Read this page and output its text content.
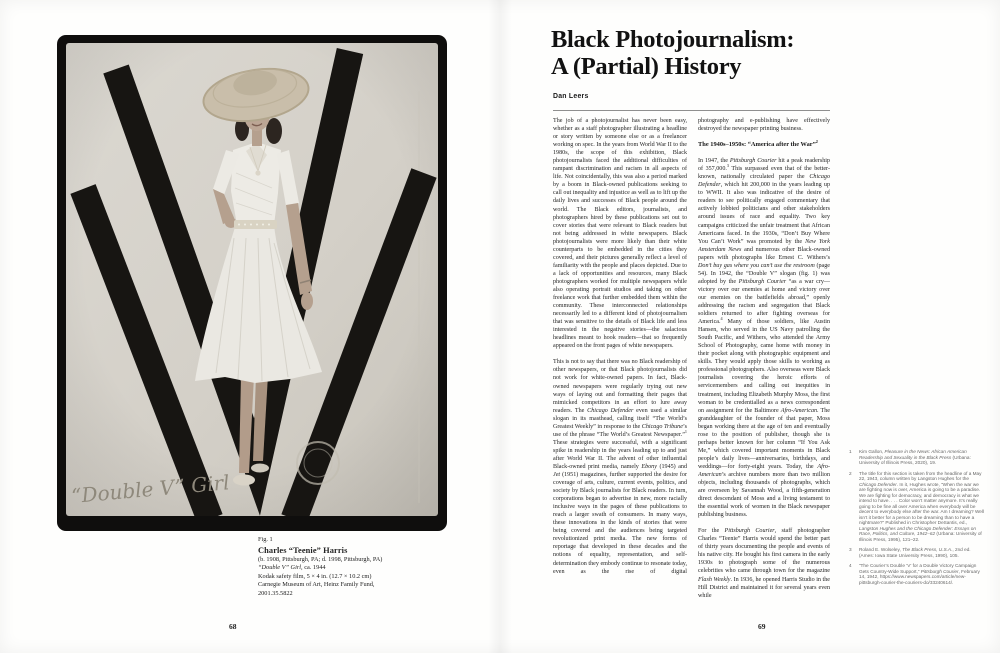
“Double V” Girl
Fig. 1
Charles “Teenie” Harris
(b. 1908, Pittsburgh, PA; d. 1998, Pittsburgh, PA)
“Double V” Girl, ca. 1944
Kodak safety film, 5 × 4 in. (12.7 × 10.2 cm)
Carnegie Museum of Art, Heinz Family Fund,
2001.35.5822
68
Black Photojournalism:
A (Partial) History
Dan Leers

The job of a photojournalist has never been easy, whether as a staff photographer illustrating a headline or story written by someone else or as a freelancer working on spec. In the years from World War II to the 1980s, the scope of this exhibition, Black photojournalists faced the additional difficulties of rampant discrimination and racism in all aspects of life. Not coincidentally, this was also a period marked by a boom in Black-owned publications seeking to call out inequality and injustice as well as to lift up the daily lives and successes of Black people around the world. The Black editors, journalists, and photographers hired by these publications set out to cover stories that were relevant to Black readers but not being addressed in white newspapers. Black photojournalists were more likely than their white counterparts to be embedded in the cities they covered, and their pictures generally reflect a level of familiarity with the people and places depicted. Due to a lack of opportunities and resources, many Black photographers worked for multiple newspapers while also operating portrait studios and taking on other freelance work that further embedded them within the community. These interconnected relationships necessarily led to a different kind of photojournalism that was sensitive to the details of Black life and less interested in the negative stories—the salacious headlines meant to hook readers—that so frequently appeared on the front pages of white newspapers.

This is not to say that there was no Black readership of other newspapers, or that Black photojournalists did not work for white-owned papers. In fact, Black-owned newspapers were regularly trying out new ways of laying out and formatting their pages that mimicked competitors in an effort to lure away readers. The Chicago Defender even used a similar slogan in its masthead, calling itself “The World’s Greatest Weekly” in response to the Chicago Tribune’s use of the phrase “The World’s Greatest Newspaper.”$^1$ These strategies were successful, with a significant spike in readership in the years leading up to and just after World War II. The advent of other influential Black-owned print media, namely Ebony (1945) and Jet (1951) magazines, further supported the desire for coverage of arts, culture, current events, politics, and society by Black journalists for Black readers. In turn, corporations began to advertise in new, more racially inclusive ways in the pages of these publications to reach a larger swath of consumers. In many ways, these innovations in the kinds of stories that were being covered and the audiences being targeted revolutionized print media. The new forms of reportage that developed in these decades and the notions of equality, representation, and self-determination they embody continue to resonate today, even as the rise of digital

photography and e-publishing have effectively destroyed the newspaper printing business.

The 1940s–1950s: “America after the War”$^2$

In 1947, the Pittsburgh Courier hit a peak readership of 357,000.$^3$ This surpassed even that of the better-known, nationally circulated paper the Chicago Defender, which hit 200,000 in the years leading up to WWII. It also was indicative of the desire of readers to see politically engaged commentary that actively lobbied politicians and other stakeholders around issues of race and equality. Two key campaigns criticized the unfair treatment that African Americans faced. In the 1930s, “Don’t Buy Where You Can’t Work” was promoted by the New York Amsterdam News and numerous other Black-owned papers with photographs like Ernest C. Withers’s Don’t buy gas where you can’t use the restroom (page 54). In 1942, the “Double V” slogan (fig. 1) was adopted by the Pittsburgh Courier “as a war cry—victory over our enemies at home and victory over our enemies on the battlefields abroad,” openly addressing the racism and segregation that Black soldiers returned to after fighting overseas for America.$^4$ Many of those soldiers, like Austin Hansen, who served in the US Navy patrolling the South Pacific, and Withers, who attended the Army School of Photography, came home with money in their pocket along with photographic equipment and skills. They would apply those skills to working as professional photographers. Also overseas were Black journalists covering the heroic efforts of servicemembers and calling out inequities in treatment, including Elizabeth Murphy Moss, the first woman to be credentialled as a news correspondent on assignment for the Baltimore Afro-American. The granddaughter of the founder of that paper, Moss began working there at the age of ten and eventually rose to the position of publisher, though she is perhaps better known for her column “If You Ask Me,” which covered important moments in Black people’s daily lives—anniversaries, birthdays, and weddings—for forty-eight years. Today, the Afro-American’s archive numbers more than two million objects, including thousands of photographs, which are overseen by Savannah Wood, a fifth-generation direct descendant of Moss and a living testament to the essential work of women in the Black newspaper publishing business.

For the Pittsburgh Courier, staff photographer Charles “Teenie” Harris would spend the better part of thirty years documenting the people and events of his native city. He bought his first camera in the early 1930s to photograph some of the numerous celebrities who came through town for the magazine Flash Weekly. In 1936, he opened Harris Studio in the Hill District and maintained it for several years even while

1 Kim Gallon, Pleasure in the News: African American Readership and Sexuality in the Black Press (Urbana: University of Illinois Press, 2020), 19.
2 The title for this section is taken from the headline of a May 22, 1943, column written by Langston Hughes for the Chicago Defender. In it, Hughes wrote, “When the war we are fighting now is over, America is going to be a paradise. We are fighting for democracy, and democracy is what we intend to have. . . . Color won’t matter anymore. It’s really going to be fine all over America when everybody will be decent to everybody else after the war. Am I dreaming? Well isn’t it better for a person to be dreaming than to have a nightmare?” Published in Christopher DeSantis, ed., Langston Hughes and the Chicago Defender: Essays on Race, Politics, and Culture, 1942–62 (Urbana: University of Illinois Press, 1995), 121–22.
3 Roland E. Wolseley, The Black Press, U.S.A., 2nd ed. (Ames: Iowa State University Press, 1990), 105.
4 “The Courier’s Double ‘V’ for a Double Victory Campaign Gets Country-Wide Support,” Pittsburgh Courier, February 14, 1942, https://www.newspapers.com/article/new-pittsburgh-courier-the-couriers-do/33240614/.
69
